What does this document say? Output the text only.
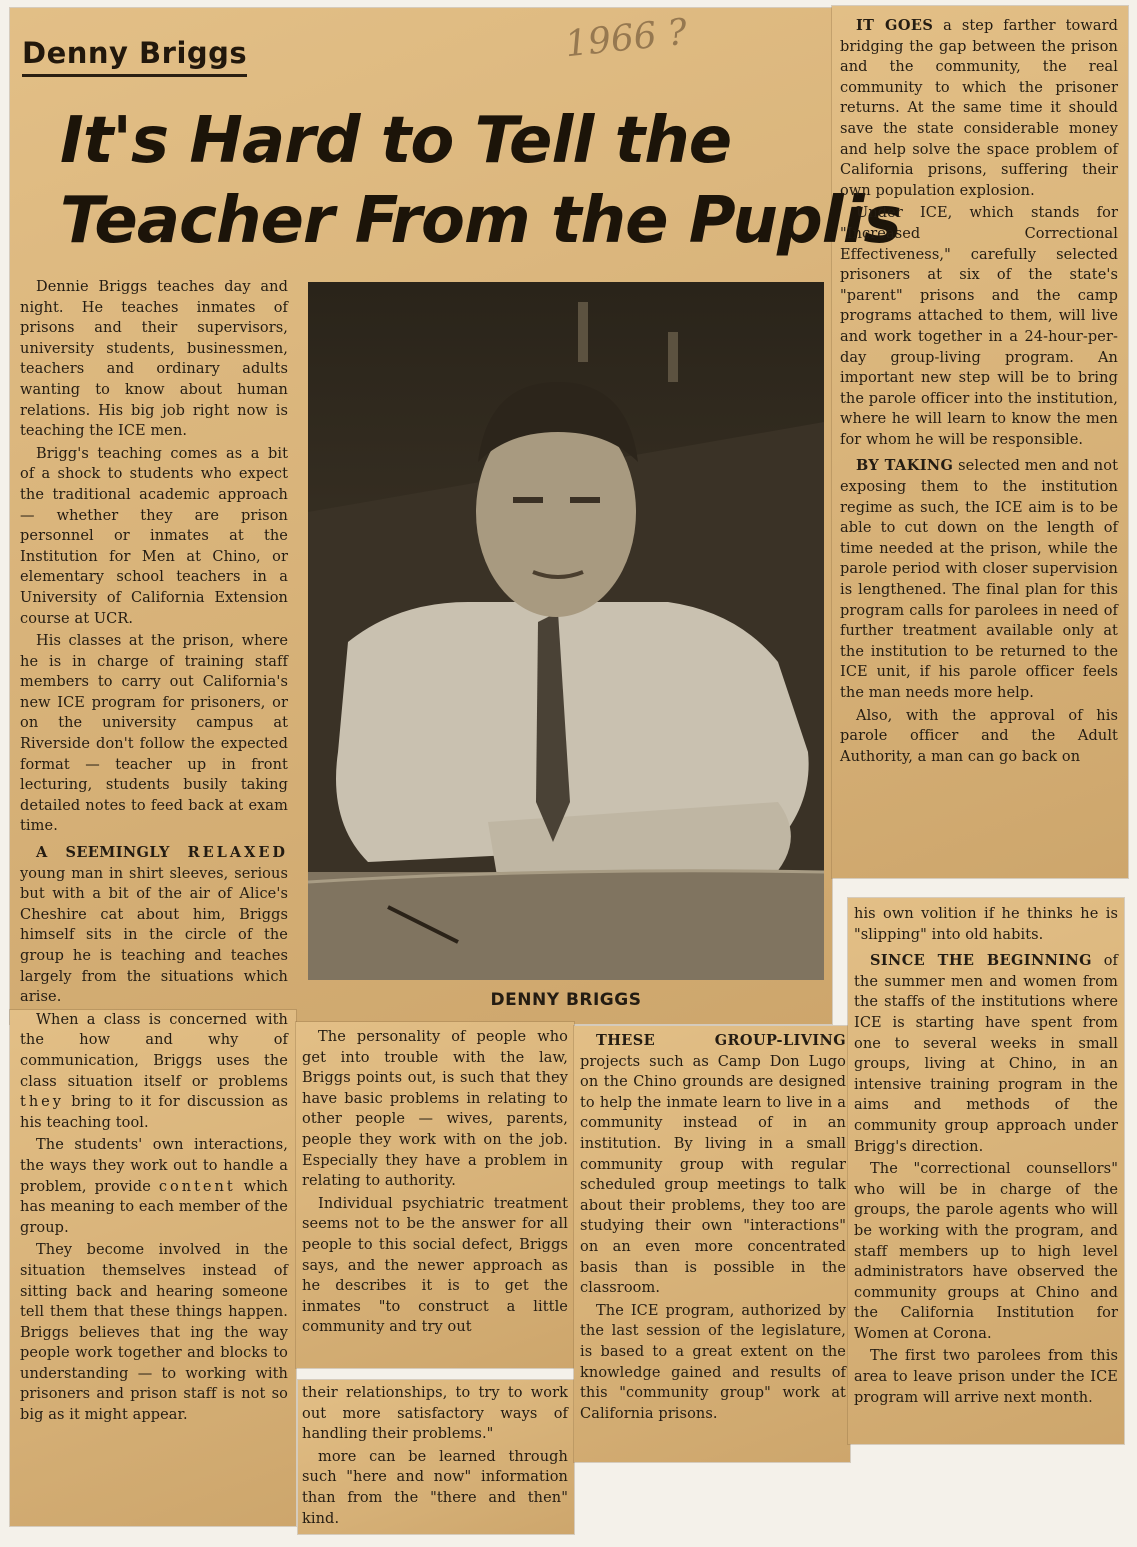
Denny Briggs	1966 ?
It's Hard to Tell the
Teacher From the Puplis
DENNY BRIGGS

Dennie Briggs teaches day and night. He teaches inmates of prisons and their supervisors, university students, businessmen, teachers and ordinary adults wanting to know about human relations. His big job right now is teaching the ICE men.

Brigg's teaching comes as a bit of a shock to students who expect the traditional academic approach — whether they are prison personnel or inmates at the Institution for Men at Chino, or elementary school teachers in a University of California Extension course at UCR.

His classes at the prison, where he is in charge of training staff members to carry out California's new ICE program for prisoners, or on the university campus at Riverside don't follow the expected format — teacher up in front lecturing, students busily taking detailed notes to feed back at exam time.

A SEEMINGLY RELAXED young man in shirt sleeves, serious but with a bit of the air of Alice's Cheshire cat about him, Briggs himself sits in the circle of the group he is teaching and teaches largely from the situations which arise.

When a class is concerned with the how and why of communication, Briggs uses the class situation itself or problems they bring to it for discussion as his teaching tool.

The students' own interactions, the ways they work out to handle a problem, provide content which has meaning to each member of the group.

They become involved in the situation themselves instead of sitting back and hearing someone tell them that these things happen. Briggs believes that ing the way people work together and blocks to understanding — to working with prisoners and prison staff is not so big as it might appear.

The personality of people who get into trouble with the law, Briggs points out, is such that they have basic problems in relating to other people — wives, parents, people they work with on the job. Especially they have a problem in relating to authority.

Individual psychiatric treatment seems not to be the answer for all people to this social defect, Briggs says, and the newer approach as he describes it is to get the inmates "to construct a little community and try out

their relationships, to try to work out more satisfactory ways of handling their problems."

more can be learned through such "here and now" information than from the "there and then" kind.

THESE GROUP-LIVING projects such as Camp Don Lugo on the Chino grounds are designed to help the inmate learn to live in a community instead of in an institution. By living in a small community group with regular scheduled group meetings to talk about their problems, they too are studying their own "interactions" on an even more concentrated basis than is possible in the classroom.

The ICE program, authorized by the last session of the legislature, is based to a great extent on the knowledge gained and results of this "community group" work at California prisons.

IT GOES a step farther toward bridging the gap between the prison and the community, the real community to which the prisoner returns. At the same time it should save the state considerable money and help solve the space problem of California prisons, suffering their own population explosion.

Under ICE, which stands for "Increased Correctional Effectiveness," carefully selected prisoners at six of the state's "parent" prisons and the camp programs attached to them, will live and work together in a 24-hour-per-day group-living program. An important new step will be to bring the parole officer into the institution, where he will learn to know the men for whom he will be responsible.

BY TAKING selected men and not exposing them to the institution regime as such, the ICE aim is to be able to cut down on the length of time needed at the prison, while the parole period with closer supervision is lengthened. The final plan for this program calls for parolees in need of further treatment available only at the institution to be returned to the ICE unit, if his parole officer feels the man needs more help.

Also, with the approval of his parole officer and the Adult Authority, a man can go back on

his own volition if he thinks he is "slipping" into old habits.

SINCE THE BEGINNING of the summer men and women from the staffs of the institutions where ICE is starting have spent from one to several weeks in small groups, living at Chino, in an intensive training program in the aims and methods of the community group approach under Brigg's direction.

The "correctional counsellors" who will be in charge of the groups, the parole agents who will be working with the program, and staff members up to high level administrators have observed the community groups at Chino and the California Institution for Women at Corona.

The first two parolees from this area to leave prison under the ICE program will arrive next month.
